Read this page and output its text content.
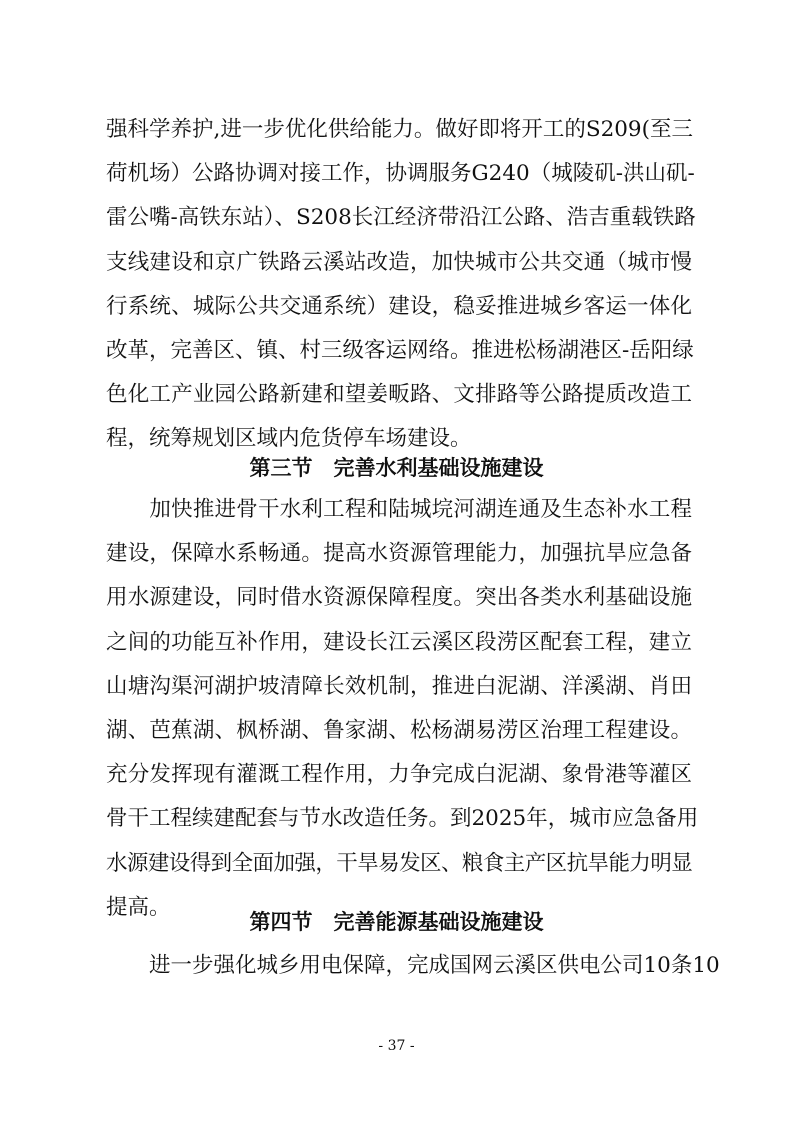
强科学养护,进一步优化供给能力。做好即将开工的S209(至三
荷机场）公路协调对接工作，协调服务G240（城陵矶-洪山矶-
雷公嘴-高铁东站）、S208长江经济带沿江公路、浩吉重载铁路
支线建设和京广铁路云溪站改造，加快城市公共交通（城市慢
行系统、城际公共交通系统）建设，稳妥推进城乡客运一体化
改革，完善区、镇、村三级客运网络。推进松杨湖港区-岳阳绿
色化工产业园公路新建和望姜畈路、文排路等公路提质改造工
程，统筹规划区域内危货停车场建设。
第三节　完善水利基础设施建设
　　加快推进骨干水利工程和陆城垸河湖连通及生态补水工程
建设，保障水系畅通。提高水资源管理能力，加强抗旱应急备
用水源建设，同时借水资源保障程度。突出各类水利基础设施
之间的功能互补作用，建设长江云溪区段涝区配套工程，建立
山塘沟渠河湖护坡清障长效机制，推进白泥湖、洋溪湖、肖田
湖、芭蕉湖、枫桥湖、鲁家湖、松杨湖易涝区治理工程建设。
充分发挥现有灌溉工程作用，力争完成白泥湖、象骨港等灌区
骨干工程续建配套与节水改造任务。到2025年，城市应急备用
水源建设得到全面加强，干旱易发区、粮食主产区抗旱能力明显
提高。
第四节　完善能源基础设施建设
　　进一步强化城乡用电保障，完成国网云溪区供电公司10条10
- 37 -
